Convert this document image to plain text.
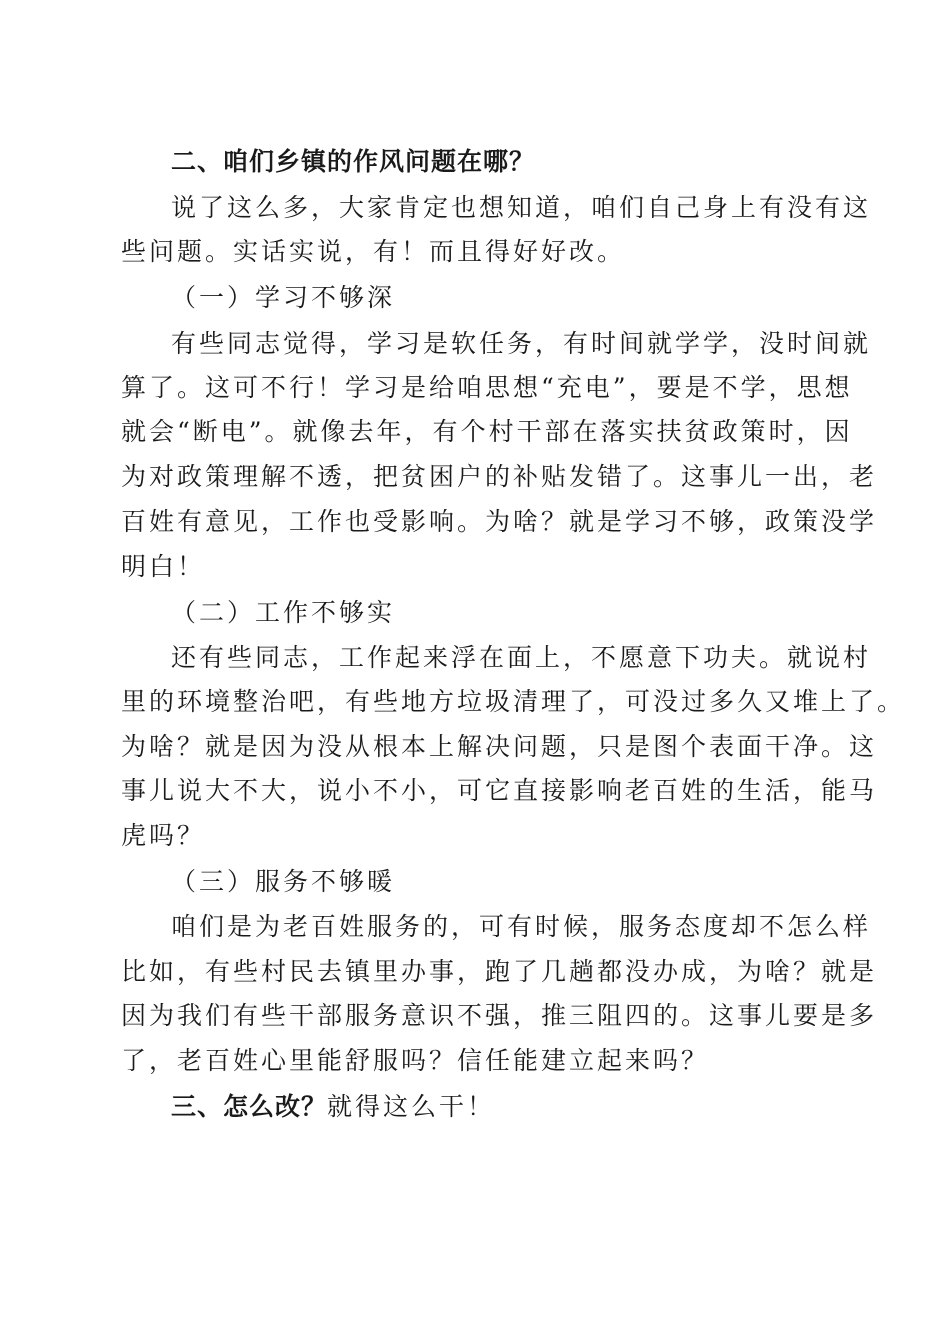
二、咱们乡镇的作风问题在哪？
说了这么多，大家肯定也想知道，咱们自己身上有没有这
些问题。实话实说，有！而且得好好改。
（一）学习不够深
有些同志觉得，学习是软任务，有时间就学学，没时间就
算了。这可不行！学习是给咱思想“充电”，要是不学，思想
就会“断电”。就像去年，有个村干部在落实扶贫政策时，因
为对政策理解不透，把贫困户的补贴发错了。这事儿一出，老
百姓有意见，工作也受影响。为啥？就是学习不够，政策没学
明白！
（二）工作不够实
还有些同志，工作起来浮在面上，不愿意下功夫。就说村
里的环境整治吧，有些地方垃圾清理了，可没过多久又堆上了。
为啥？就是因为没从根本上解决问题，只是图个表面干净。这
事儿说大不大，说小不小，可它直接影响老百姓的生活，能马
虎吗？
（三）服务不够暖
咱们是为老百姓服务的，可有时候，服务态度却不怎么样
比如，有些村民去镇里办事，跑了几趟都没办成，为啥？就是
因为我们有些干部服务意识不强，推三阻四的。这事儿要是多
了，老百姓心里能舒服吗？信任能建立起来吗？
三、怎么改？就得这么干！
